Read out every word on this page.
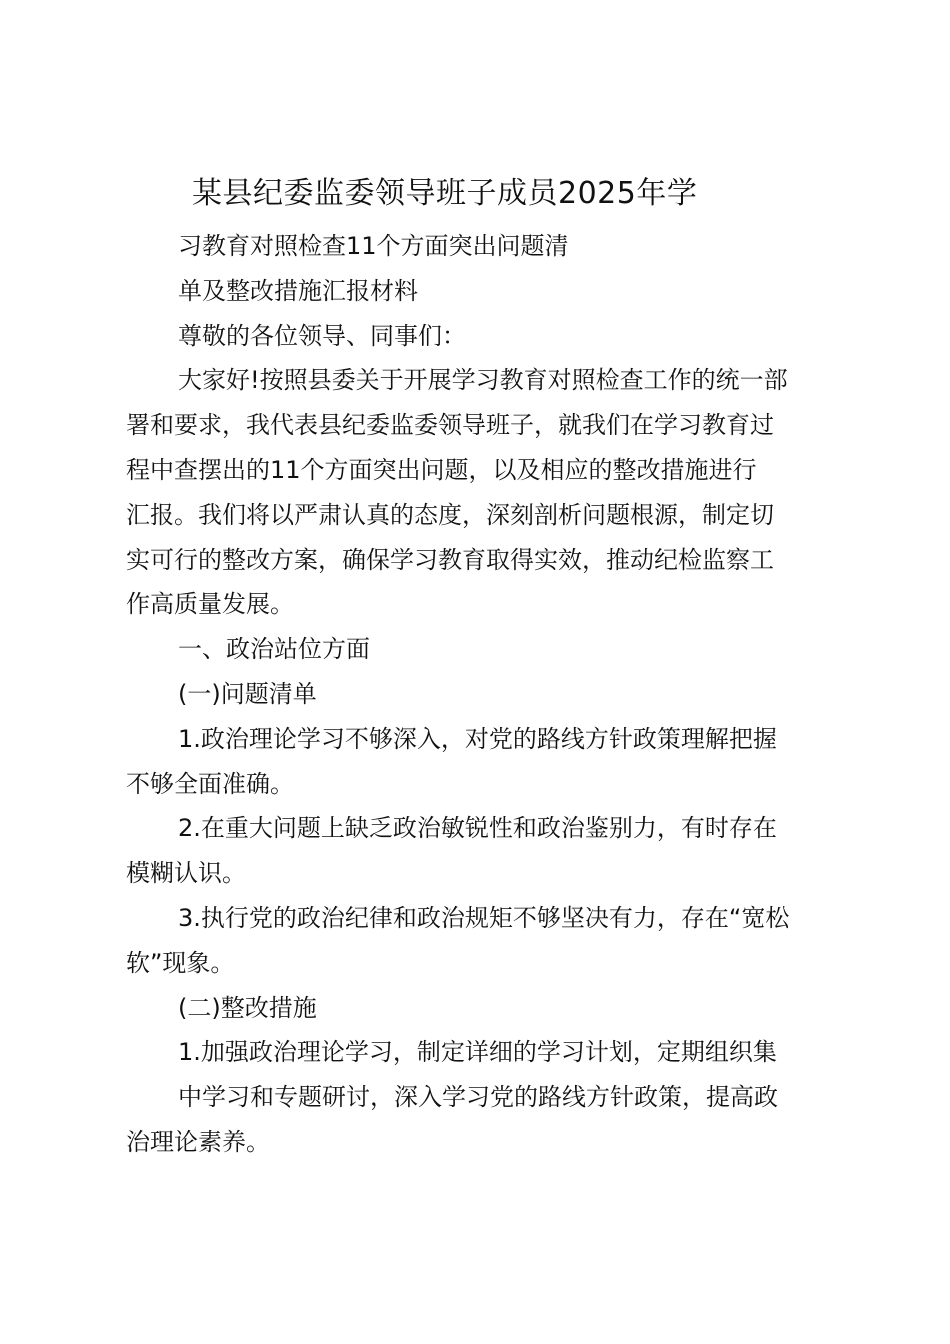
某县纪委监委领导班子成员2025年学
习教育对照检查11个方面突出问题清
单及整改措施汇报材料
尊敬的各位领导、同事们：
大家好!按照县委关于开展学习教育对照检查工作的统一部
署和要求，我代表县纪委监委领导班子，就我们在学习教育过
程中查摆出的11个方面突出问题，以及相应的整改措施进行
汇报。我们将以严肃认真的态度，深刻剖析问题根源，制定切
实可行的整改方案，确保学习教育取得实效，推动纪检监察工
作高质量发展。
一、政治站位方面
(一)问题清单
1.政治理论学习不够深入，对党的路线方针政策理解把握
不够全面准确。
2.在重大问题上缺乏政治敏锐性和政治鉴别力，有时存在
模糊认识。
3.执行党的政治纪律和政治规矩不够坚决有力，存在“宽松
软”现象。
(二)整改措施
1.加强政治理论学习，制定详细的学习计划，定期组织集
中学习和专题研讨，深入学习党的路线方针政策，提高政
治理论素养。
